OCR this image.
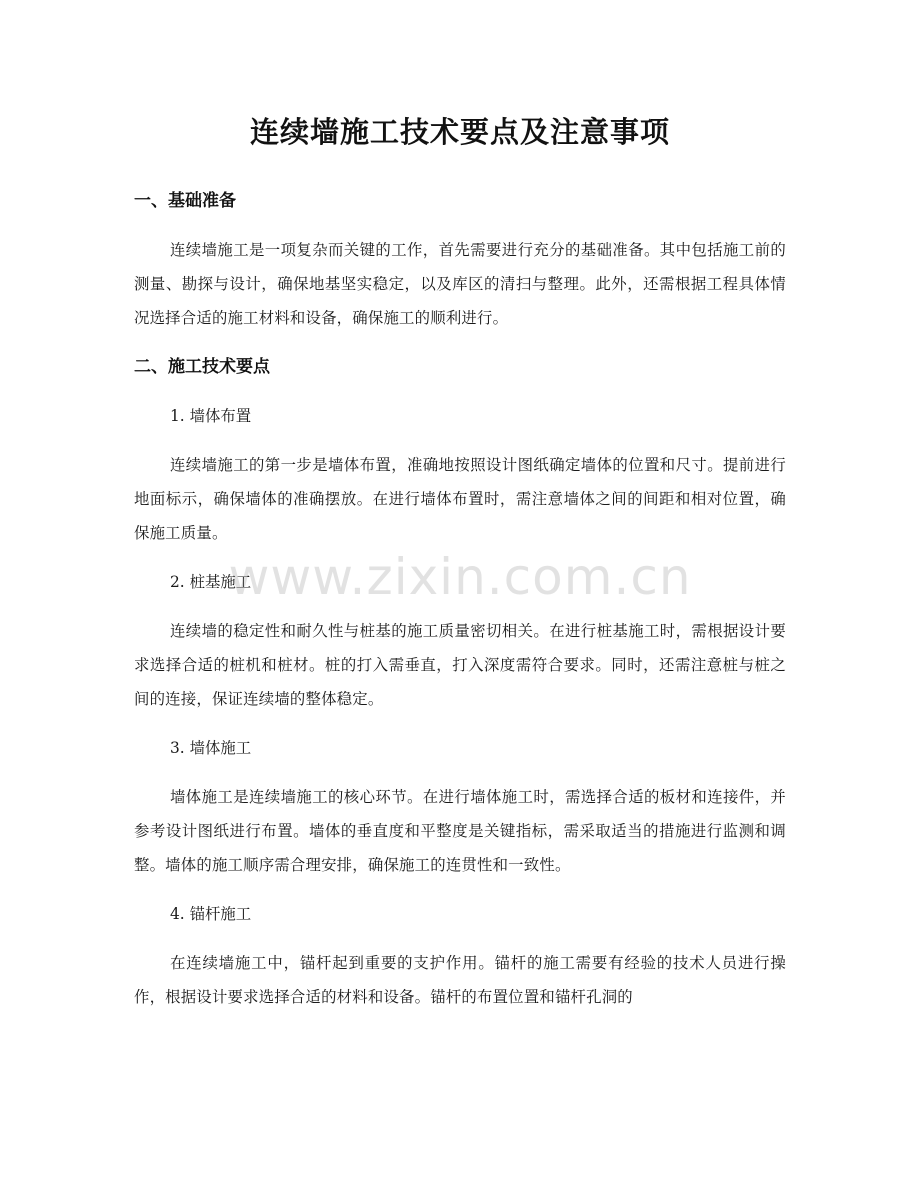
连续墙施工技术要点及注意事项
一、基础准备

连续墙施工是一项复杂而关键的工作，首先需要进行充分的基础准备。其中包括施工前的测量、勘探与设计，确保地基坚实稳定，以及库区的清扫与整理。此外，还需根据工程具体情况选择合适的施工材料和设备，确保施工的顺利进行。

二、施工技术要点
1. 墙体布置

连续墙施工的第一步是墙体布置，准确地按照设计图纸确定墙体的位置和尺寸。提前进行地面标示，确保墙体的准确摆放。在进行墙体布置时，需注意墙体之间的间距和相对位置，确保施工质量。

2. 桩基施工

连续墙的稳定性和耐久性与桩基的施工质量密切相关。在进行桩基施工时，需根据设计要求选择合适的桩机和桩材。桩的打入需垂直，打入深度需符合要求。同时，还需注意桩与桩之间的连接，保证连续墙的整体稳定。

3. 墙体施工

墙体施工是连续墙施工的核心环节。在进行墙体施工时，需选择合适的板材和连接件，并参考设计图纸进行布置。墙体的垂直度和平整度是关键指标，需采取适当的措施进行监测和调整。墙体的施工顺序需合理安排，确保施工的连贯性和一致性。

4. 锚杆施工

在连续墙施工中，锚杆起到重要的支护作用。锚杆的施工需要有经验的技术人员进行操作，根据设计要求选择合适的材料和设备。锚杆的布置位置和锚杆孔洞的

www.zixin.com.cn
